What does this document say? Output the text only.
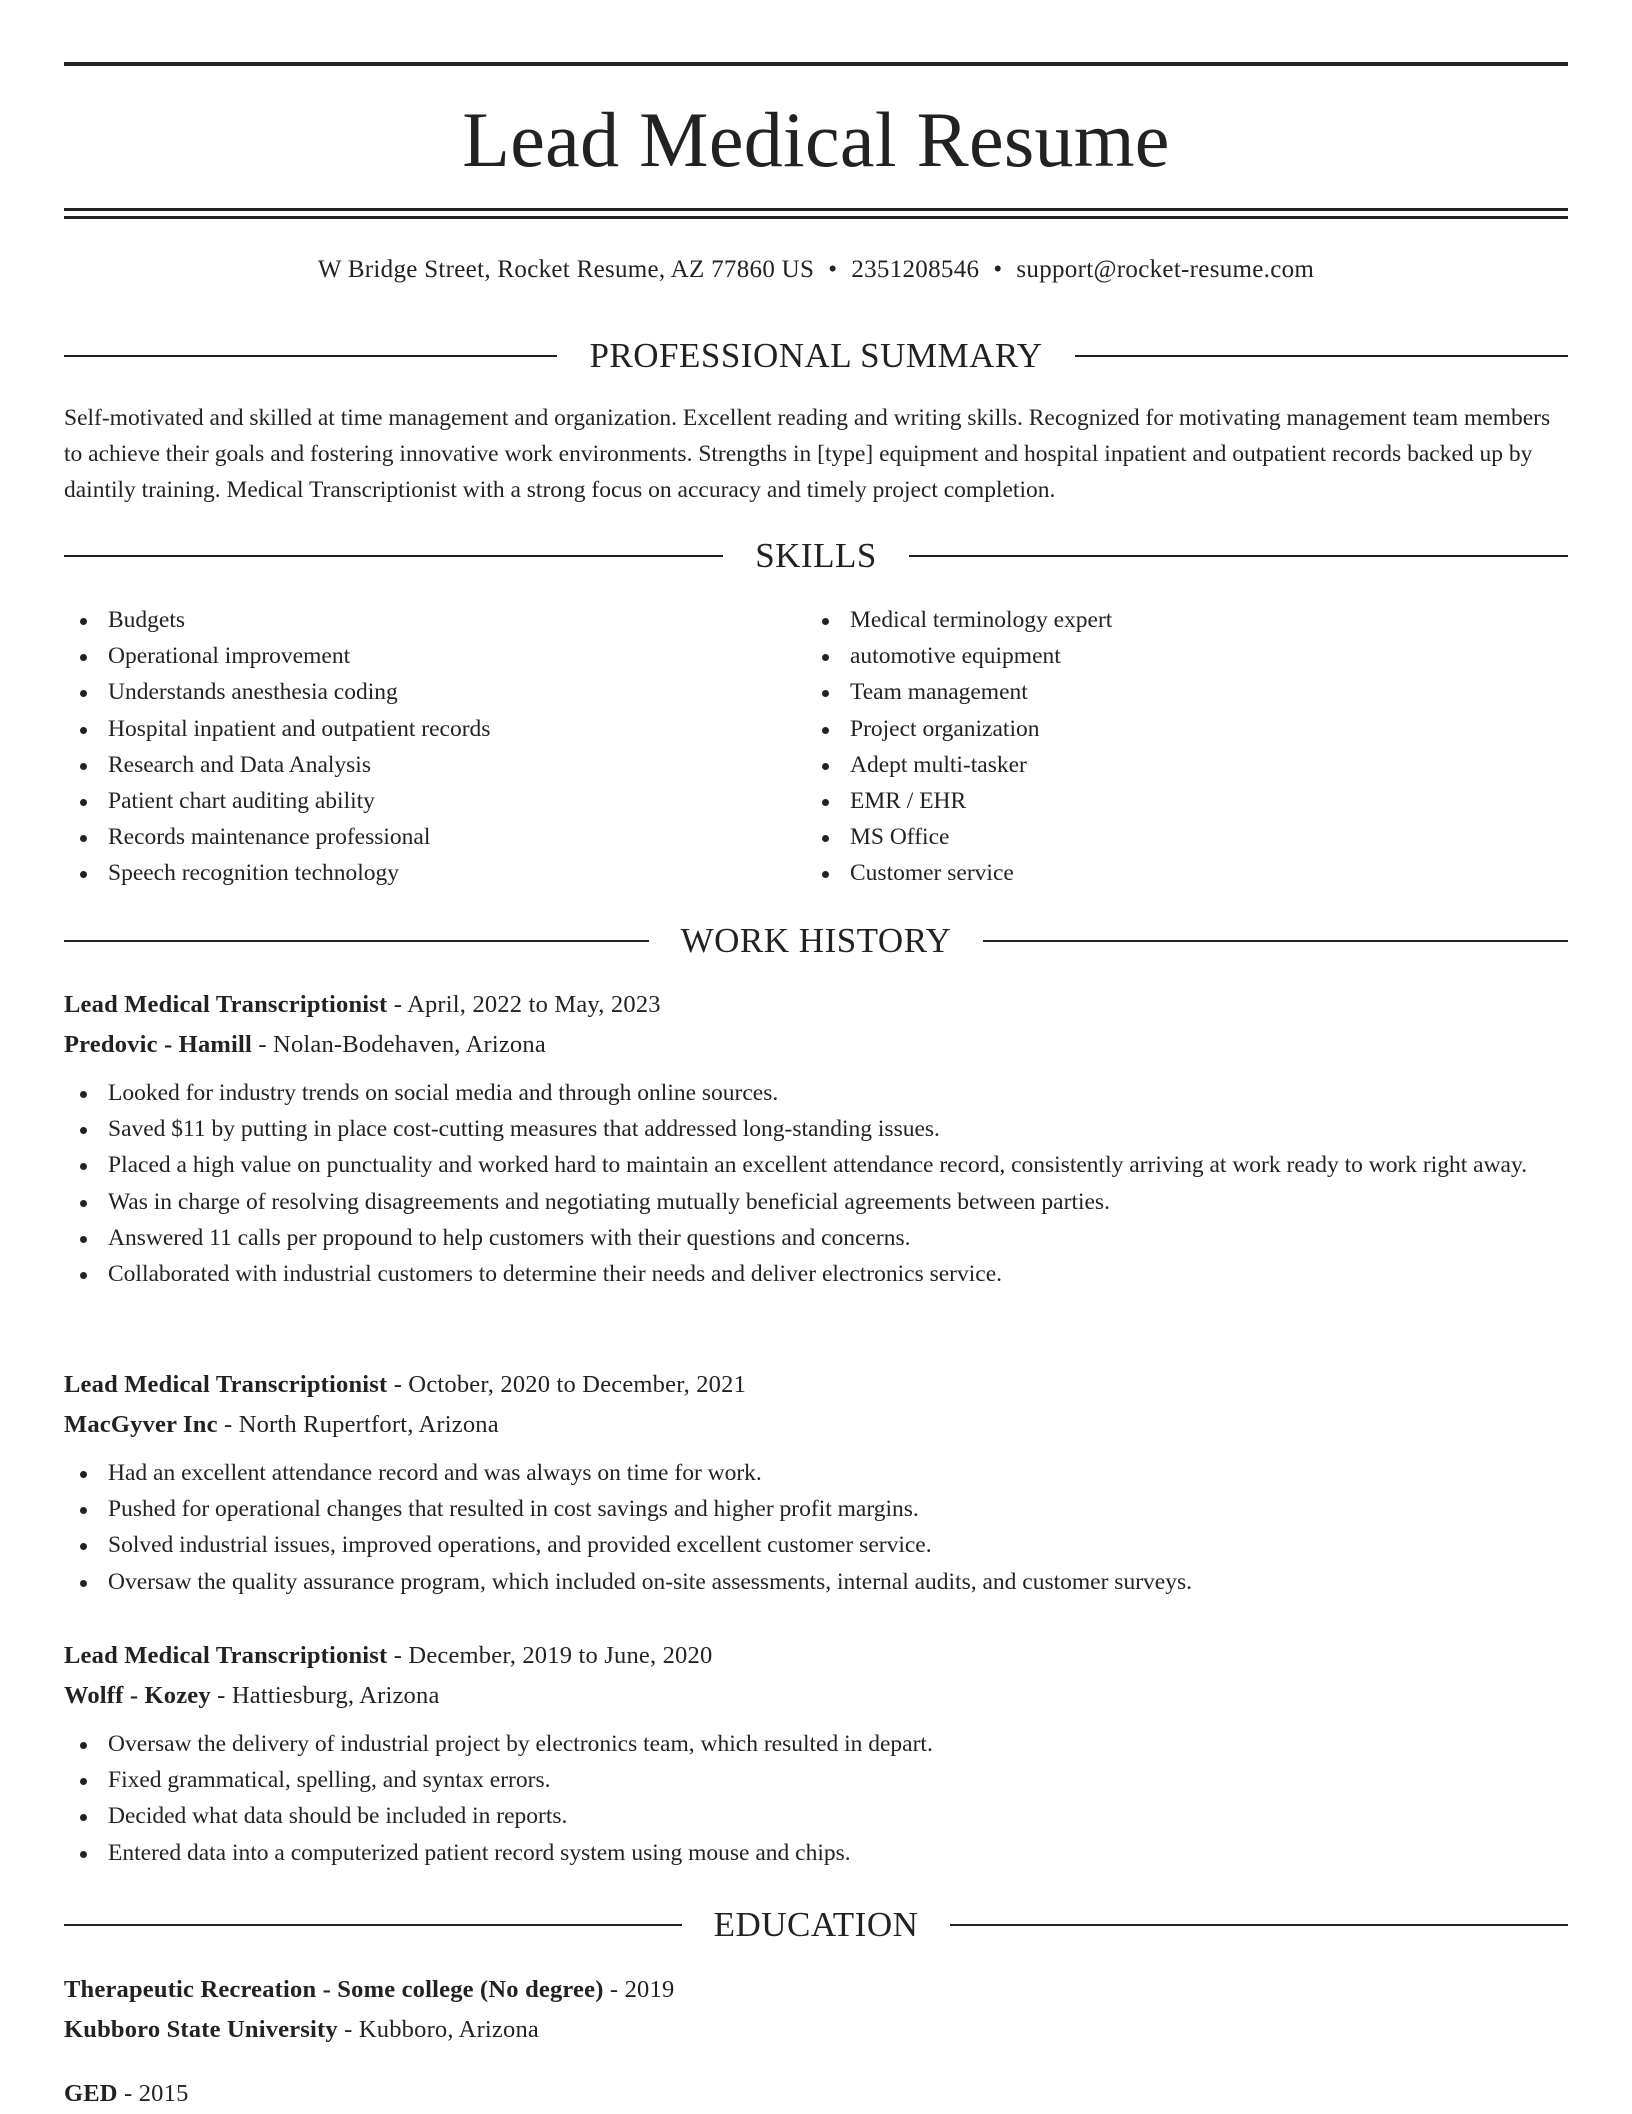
Lead Medical Resume
W Bridge Street, Rocket Resume, AZ 77860 US • 2351208546 • support@rocket-resume.com
PROFESSIONAL SUMMARY

Self-motivated and skilled at time management and organization. Excellent reading and writing skills. Recognized for motivating management team members to achieve their goals and fostering innovative work environments. Strengths in [type] equipment and hospital inpatient and outpatient records backed up by daintily training. Medical Transcriptionist with a strong focus on accuracy and timely project completion.

SKILLS
Budgets
Operational improvement
Understands anesthesia coding
Hospital inpatient and outpatient records
Research and Data Analysis
Patient chart auditing ability
Records maintenance professional
Speech recognition technology
Medical terminology expert
automotive equipment
Team management
Project organization
Adept multi-tasker
EMR / EHR
MS Office
Customer service
WORK HISTORY
Lead Medical Transcriptionist - April, 2022 to May, 2023
Predovic - Hamill - Nolan-Bodehaven, Arizona
Looked for industry trends on social media and through online sources.
Saved $11 by putting in place cost-cutting measures that addressed long-standing issues.
Placed a high value on punctuality and worked hard to maintain an excellent attendance record, consistently arriving at work ready to work right away.
Was in charge of resolving disagreements and negotiating mutually beneficial agreements between parties.
Answered 11 calls per propound to help customers with their questions and concerns.
Collaborated with industrial customers to determine their needs and deliver electronics service.
Lead Medical Transcriptionist - October, 2020 to December, 2021
MacGyver Inc - North Rupertfort, Arizona
Had an excellent attendance record and was always on time for work.
Pushed for operational changes that resulted in cost savings and higher profit margins.
Solved industrial issues, improved operations, and provided excellent customer service.
Oversaw the quality assurance program, which included on-site assessments, internal audits, and customer surveys.
Lead Medical Transcriptionist - December, 2019 to June, 2020
Wolff - Kozey - Hattiesburg, Arizona
Oversaw the delivery of industrial project by electronics team, which resulted in depart.
Fixed grammatical, spelling, and syntax errors.
Decided what data should be included in reports.
Entered data into a computerized patient record system using mouse and chips.
EDUCATION
Therapeutic Recreation - Some college (No degree) - 2019
Kubboro State University - Kubboro, Arizona
GED - 2015
